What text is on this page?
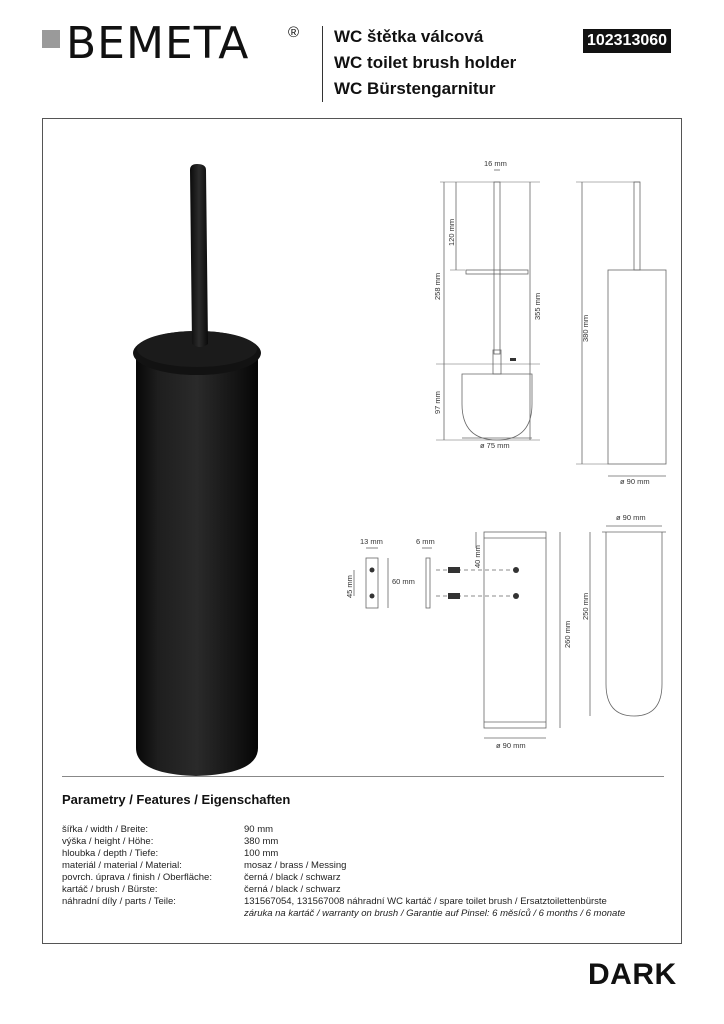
BEMETA	® WC štětka válcová
WC toilet brush holder
WC Bürstengarnitur
102313060
16 mm
120 mm
258 mm
355 mm
97 mm
ø 75 mm
380 mm
ø 90 mm
13 mm	6 mm
45 mm	60 mm
40 mm
260 mm
ø 90 mm
ø 90 mm
250 mm
Parametry / Features / Eigenschaften
šířka / width / Breite:	90 mm
výška / height / Höhe:	380 mm
hloubka / depth / Tiefe:	100 mm
materiál / material / Material:	mosaz / brass / Messing
povrch. úprava / finish / Oberfläche:	černá / black / schwarz
kartáč / brush / Bürste:	černá / black / schwarz
náhradní díly / parts / Teile:	131567054, 131567008 náhradní WC kartáč / spare toilet brush / Ersatztoilettenbürste
záruka na kartáč / warranty on brush / Garantie auf Pinsel: 6 měsíců / 6 months / 6 monate
DARK
